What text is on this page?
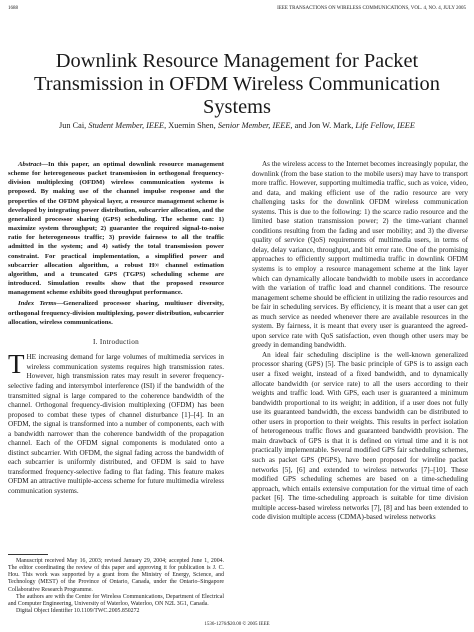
1688	IEEE TRANSACTIONS ON WIRELESS COMMUNICATIONS, VOL. 4, NO. 4, JULY 2005
Downlink Resource Management for Packet Transmission in OFDM Wireless Communication Systems
Jun Cai, Student Member, IEEE, Xuemin Shen, Senior Member, IEEE, and Jon W. Mark, Life Fellow, IEEE

Abstract—In this paper, an optimal downlink resource management scheme for heterogeneous packet transmission in orthogonal frequency-division multiplexing (OFDM) wireless communication systems is proposed. By making use of the channel impulse response and the properties of the OFDM physical layer, a resource management scheme is developed by integrating power distribution, subcarrier allocation, and the generalized processor sharing (GPS) scheduling. The scheme can: 1) maximize system throughput; 2) guarantee the required signal-to-noise ratio for heterogeneous traffic; 3) provide fairness to all the traffic admitted in the system; and 4) satisfy the total transmission power constraint. For practical implementation, a simplified power and subcarrier allocation algorithm, a robust H∞ channel estimation algorithm, and a truncated GPS (TGPS) scheduling scheme are introduced. Simulation results show that the proposed resource management scheme exhibits good throughput performance.

Index Terms—Generalized processor sharing, multiuser diversity, orthogonal frequency-division multiplexing, power distribution, subcarrier allocation, wireless communications.

I. Introduction

THE increasing demand for large volumes of multimedia services in wireless communication systems requires high transmission rates. However, high transmission rates may result in severer frequency-selective fading and intersymbol interference (ISI) if the bandwidth of the transmitted signal is large compared to the coherence bandwidth of the channel. Orthogonal frequency-division multiplexing (OFDM) has been proposed to combat these types of channel disturbance [1]–[4]. In an OFDM, the signal is transformed into a number of components, each with a bandwidth narrower than the coherence bandwidth of the propagation channel. Each of the OFDM signal components is modulated onto a distinct subcarrier. With OFDM, the signal fading across the bandwidth of each subcarrier is uniformly distributed, and OFDM is said to have transformed frequency-selective fading to flat fading. This feature makes OFDM an attractive multiple-access scheme for future multimedia wireless communication systems.

Manuscript received May 16, 2003; revised January 29, 2004; accepted June 1, 2004. The editor coordinating the review of this paper and approving it for publication is J. C. Hou. This work was supported by a grant from the Ministry of Energy, Science, and Technology (MEST) of the Province of Ontario, Canada, under the Ontario–Singapore Collaborative Research Programme.

The authors are with the Centre for Wireless Communications, Department of Electrical and Computer Engineering, University of Waterloo, Waterloo, ON N2L 3G1, Canada.

Digital Object Identifier 10.1109/TWC.2005.850272

As the wireless access to the Internet becomes increasingly popular, the downlink (from the base station to the mobile users) may have to transport more traffic. However, supporting multimedia traffic, such as voice, video, and data, and making efficient use of the radio resource are very challenging tasks for the downlink OFDM wireless communication systems. This is due to the following: 1) the scarce radio resource and the limited base station transmission power; 2) the time-variant channel conditions resulting from the fading and user mobility; and 3) the diverse quality of service (QoS) requirements of multimedia users, in terms of delay, delay variance, throughput, and bit error rate. One of the promising approaches to efficiently support multimedia traffic in downlink OFDM systems is to employ a resource management scheme at the link layer which can dynamically allocate bandwidth to mobile users in accordance with the variation of traffic load and channel conditions. The resource management scheme should be efficient in utilizing the radio resources and be fair in scheduling services. By efficiency, it is meant that a user can get as much service as needed whenever there are available resources in the system. By fairness, it is meant that every user is guaranteed the agreed-upon service rate with QoS satisfaction, even though other users may be greedy in demanding bandwidth.

An ideal fair scheduling discipline is the well-known generalized processor sharing (GPS) [5]. The basic principle of GPS is to assign each user a fixed weight, instead of a fixed bandwidth, and to dynamically allocate bandwidth (or service rate) to all the users according to their weights and traffic load. With GPS, each user is guaranteed a minimum bandwidth proportional to its weight; in addition, if a user does not fully use its guaranteed bandwidth, the excess bandwidth can be distributed to other users in proportion to their weights. This results in perfect isolation of heterogeneous traffic flows and guaranteed bandwidth provision. The main drawback of GPS is that it is defined on virtual time and it is not practically implementable. Several modified GPS fair scheduling schemes, such as packet GPS (PGPS), have been proposed for wireline packet networks [5], [6] and extended to wireless networks [7]–[10]. These modified GPS scheduling schemes are based on a time-scheduling approach, which entails extensive computation for the virtual time of each packet [6]. The time-scheduling approach is suitable for time division multiple access-based wireless networks [7], [8] and has been extended to code division multiple access (CDMA)-based wireless networks

1536-1276/$20.00 © 2005 IEEE
